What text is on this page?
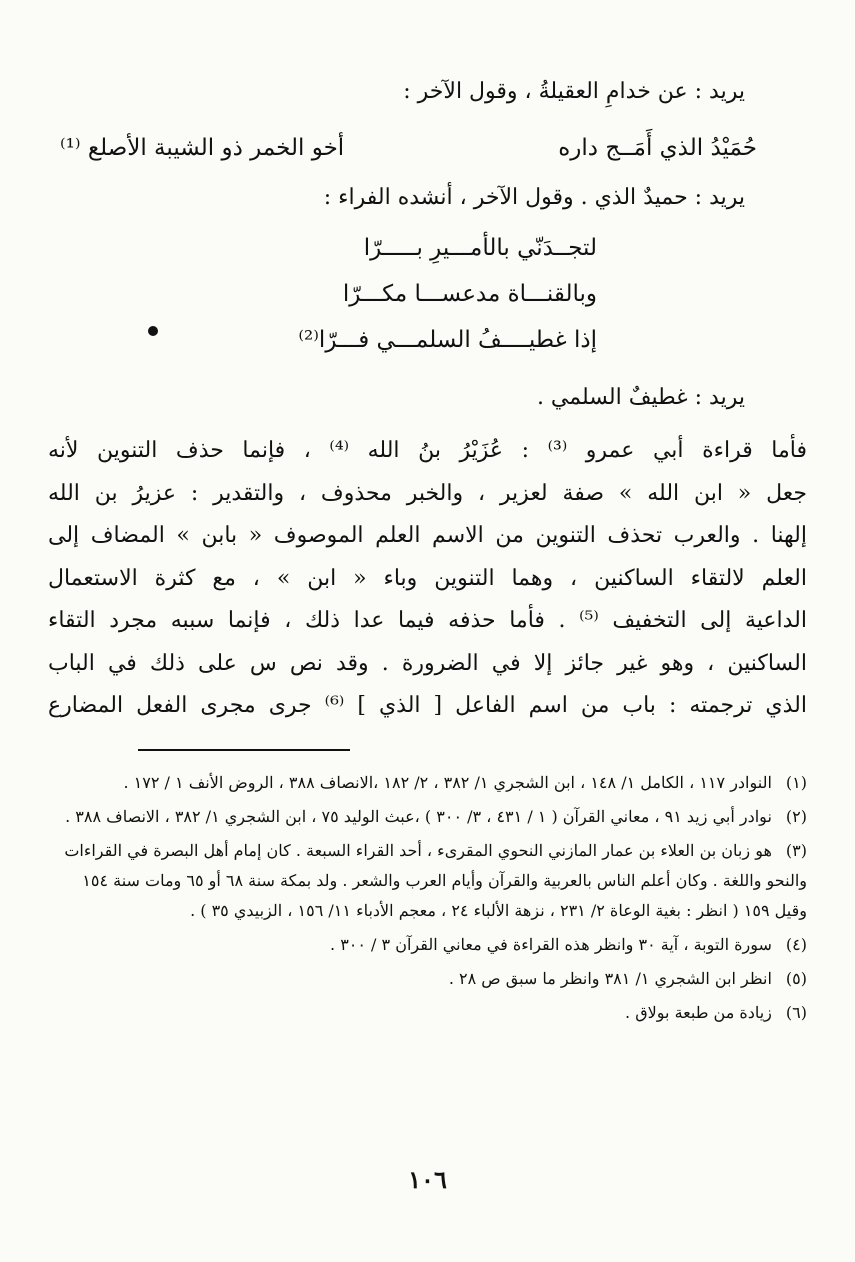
يريد : عن خدامِ العقيلةُ ، وقول الآخر :
حُمَيْدُ الذي أَمَــج داره
أخو الخمر ذو الشيبة الأصلع ⁽¹⁾
يريد : حميدٌ الذي . وقول الآخر ، أنشده الفراء :
لتجــدَنّي بالأمـــيرِ بـــــرّا
وبالقنـــاة مدعســـا مكـــرّا
إذا غطيــــفُ السلمـــي فـــرّا⁽²⁾
يريد : غطيفٌ السلمي .
فأما قراءة أبي عمرو ⁽³⁾ : عُزَيْرُ بنُ الله ⁽⁴⁾ ، فإنما حذف التنوين لأنه
جعل « ابن الله » صفة لعزير ، والخبر محذوف ، والتقدير : عزيرُ بن الله
إلهنا . والعرب تحذف التنوين من الاسم العلم الموصوف « بابن » المضاف إلى
العلم لالتقاء الساكنين ، وهما التنوين وباء « ابن » ، مع كثرة الاستعمال
الداعية إلى التخفيف ⁽⁵⁾ . فأما حذفه فيما عدا ذلك ، فإنما سببه مجرد التقاء
الساكنين ، وهو غير جائز إلا في الضرورة . وقد نص س على ذلك في الباب
الذي ترجمته : باب من اسم الفاعل [ الذي ] ⁽⁶⁾ جرى مجرى الفعل المضارع
(١) النوادر ١١٧ ، الكامل ١/ ١٤٨ ، ابن الشجري ١/ ٣٨٢ ، ٢/ ١٨٢ ،الانصاف ٣٨٨ ، الروض الأنف ١ / ١٧٢ .
(٢) نوادر أبي زيد ٩١ ، معاني القرآن ( ١ / ٤٣١ ، ٣/ ٣٠٠ ) ،عبث الوليد ٧٥ ، ابن الشجري ١/ ٣٨٢ ، الانصاف ٣٨٨ .
(٣) هو زبان بن العلاء بن عمار المازني النحوي المقرىء ، أحد القراء السبعة . كان إمام أهل البصرة في القراءات والنحو واللغة . وكان أعلم الناس بالعربية والقرآن وأيام العرب والشعر . ولد بمكة سنة ٦٨ أو ٦٥ ومات سنة ١٥٤ وقيل ١٥٩ ( انظر : بغية الوعاة ٢/ ٢٣١ ، نزهة الألباء ٢٤ ، معجم الأدباء ١١/ ١٥٦ ، الزبيدي ٣٥ ) .
(٤) سورة التوبة ، آية ٣٠ وانظر هذه القراءة في معاني القرآن ٣ / ٣٠٠ .
(٥) انظر ابن الشجري ١/ ٣٨١ وانظر ما سبق ص ٢٨ .
(٦) زيادة من طبعة بولاق .
١٠٦
